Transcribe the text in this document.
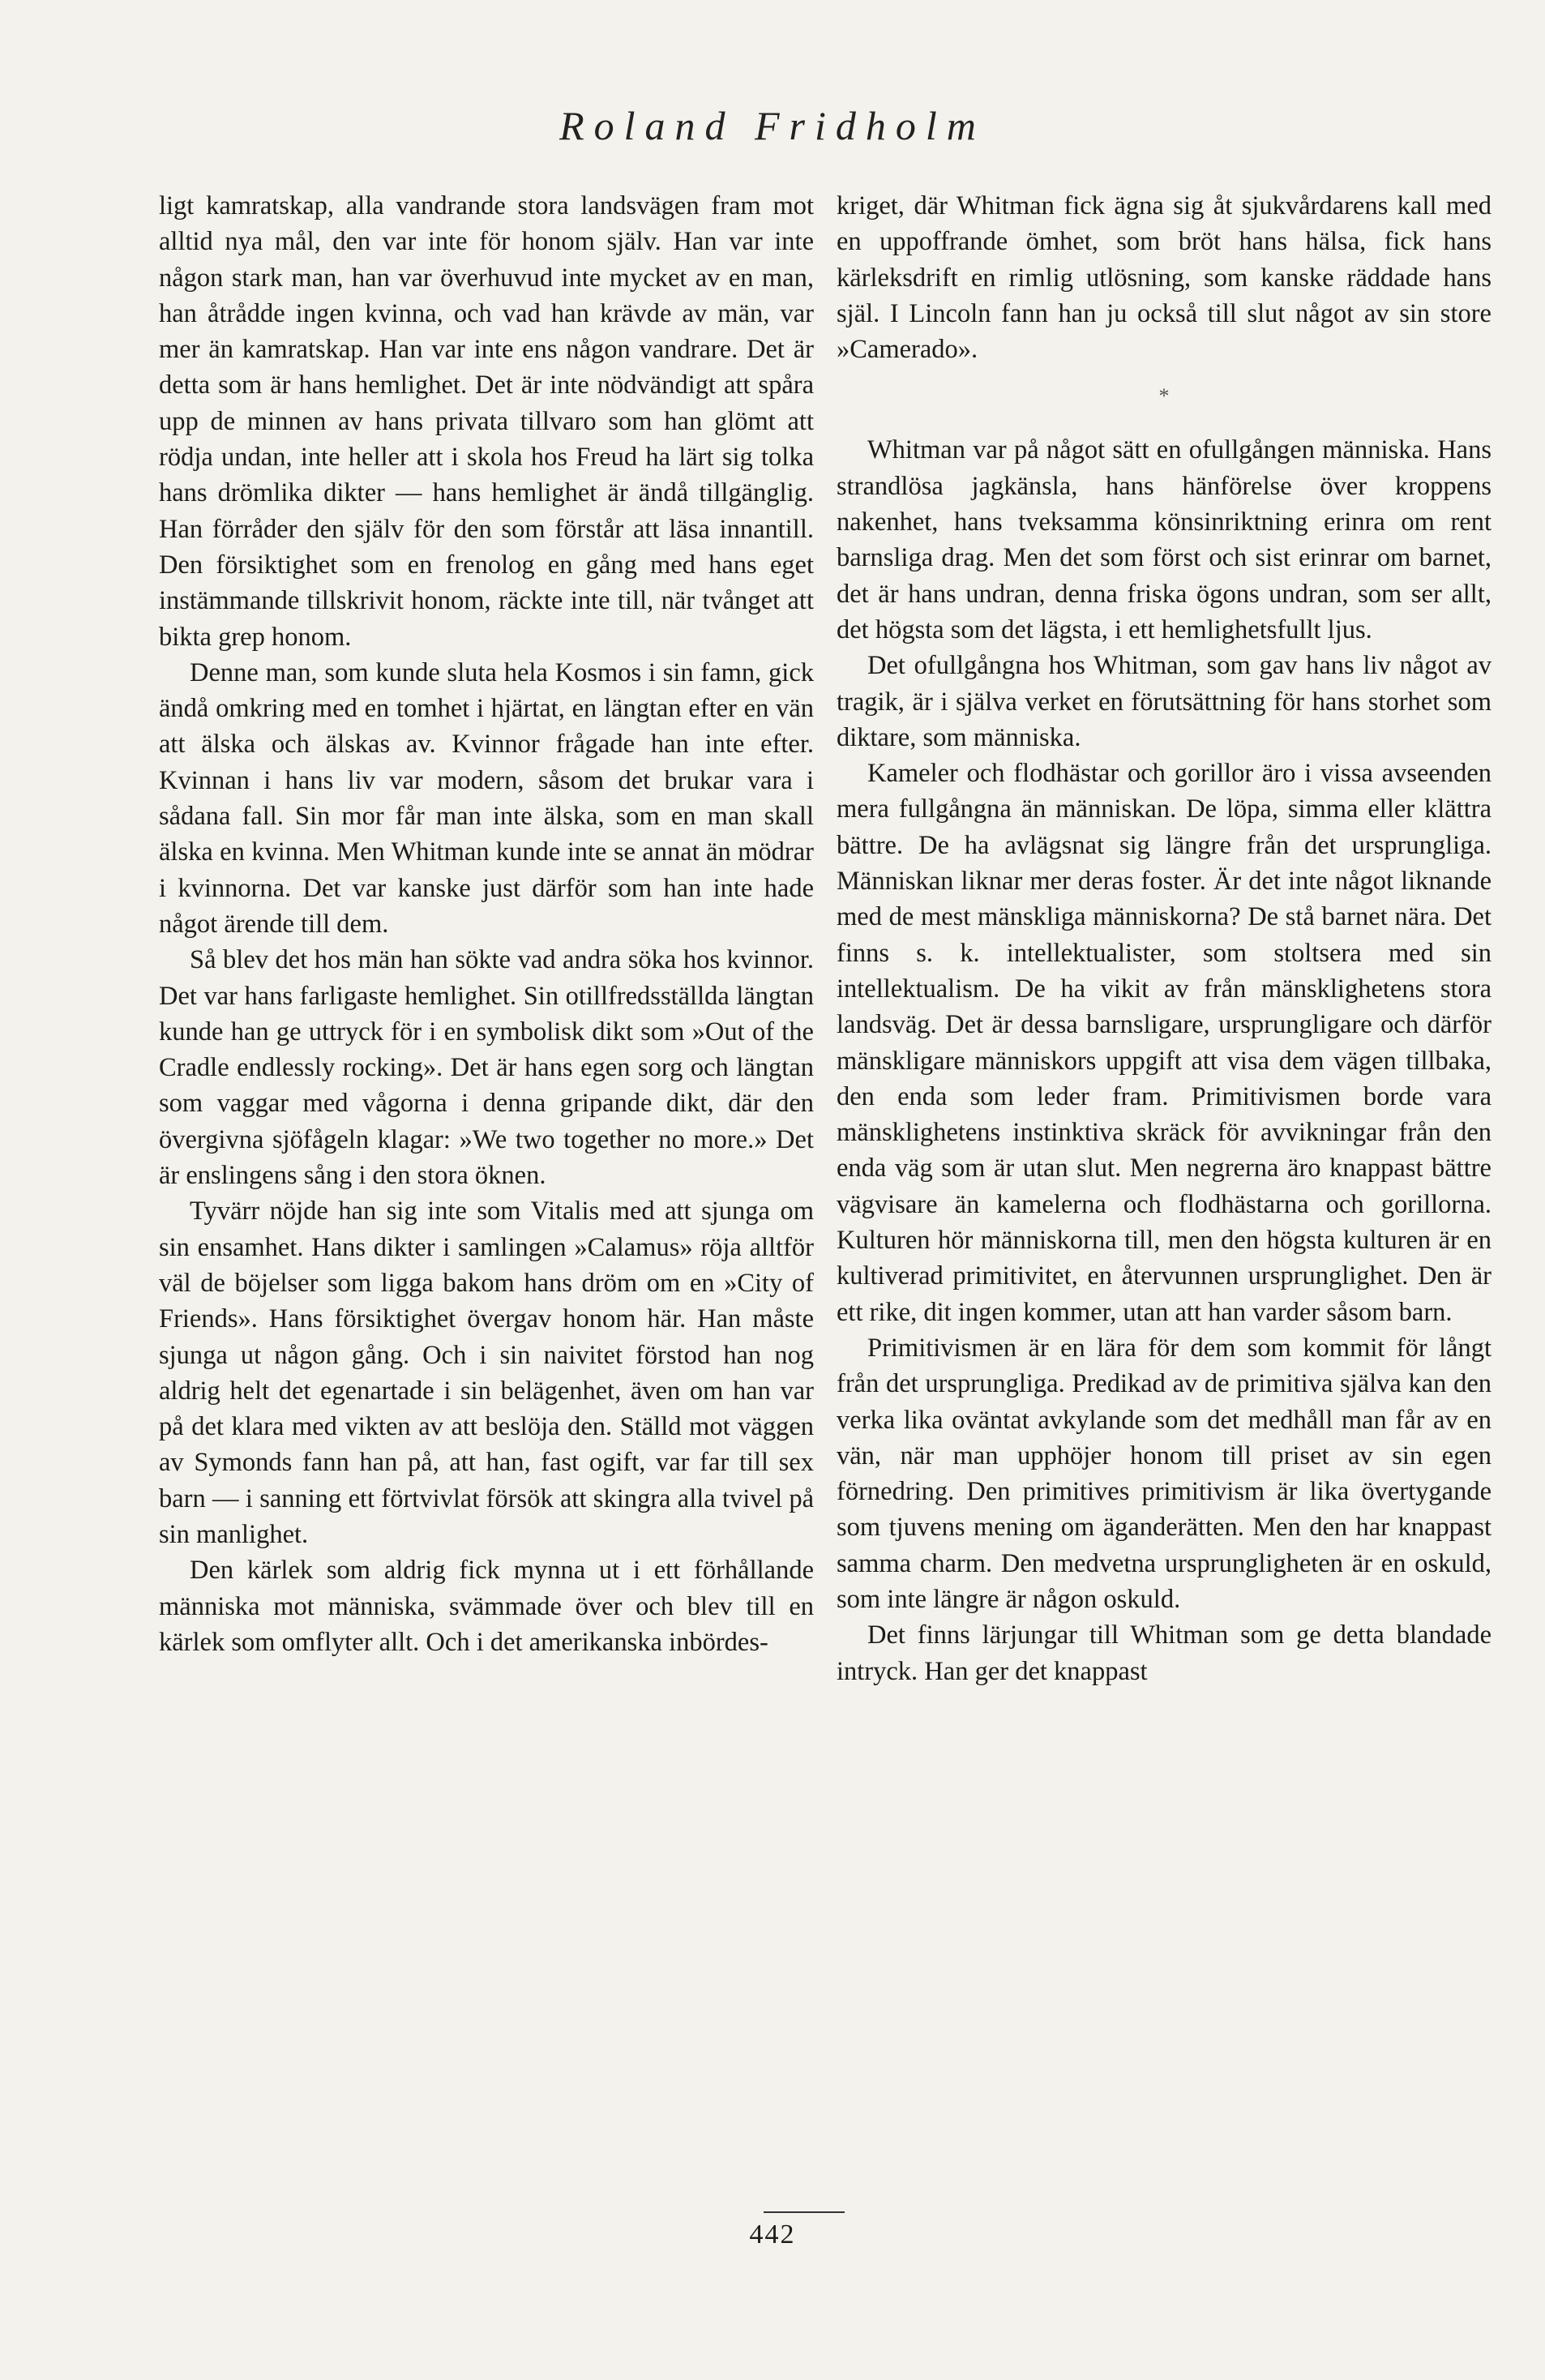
Roland Fridholm

ligt kamratskap, alla vandrande stora landsvägen fram mot alltid nya mål, den var inte för honom själv. Han var inte någon stark man, han var överhuvud inte mycket av en man, han åtrådde ingen kvinna, och vad han krävde av män, var mer än kamratskap. Han var inte ens någon vandrare. Det är detta som är hans hemlighet. Det är inte nödvändigt att spåra upp de minnen av hans privata tillvaro som han glömt att rödja undan, inte heller att i skola hos Freud ha lärt sig tolka hans drömlika dikter — hans hemlighet är ändå tillgänglig. Han förråder den själv för den som förstår att läsa innantill. Den försiktighet som en frenolog en gång med hans eget instämmande tillskrivit honom, räckte inte till, när tvånget att bikta grep honom.

Denne man, som kunde sluta hela Kosmos i sin famn, gick ändå omkring med en tomhet i hjärtat, en längtan efter en vän att älska och älskas av. Kvinnor frågade han inte efter. Kvinnan i hans liv var modern, såsom det brukar vara i sådana fall. Sin mor får man inte älska, som en man skall älska en kvinna. Men Whitman kunde inte se annat än mödrar i kvinnorna. Det var kanske just därför som han inte hade något ärende till dem.

Så blev det hos män han sökte vad andra söka hos kvinnor. Det var hans farligaste hemlighet. Sin otillfredsställda längtan kunde han ge uttryck för i en symbolisk dikt som »Out of the Cradle endlessly rocking». Det är hans egen sorg och längtan som vaggar med vågorna i denna gripande dikt, där den övergivna sjöfågeln klagar: »We two together no more.» Det är enslingens sång i den stora öknen.

Tyvärr nöjde han sig inte som Vitalis med att sjunga om sin ensamhet. Hans dikter i samlingen »Calamus» röja alltför väl de böjelser som ligga bakom hans dröm om en »City of Friends». Hans försiktighet övergav honom här. Han måste sjunga ut någon gång. Och i sin naivitet förstod han nog aldrig helt det egenartade i sin belägenhet, även om han var på det klara med vikten av att beslöja den. Ställd mot väggen av Symonds fann han på, att han, fast ogift, var far till sex barn — i sanning ett förtvivlat försök att skingra alla tvivel på sin manlighet.

Den kärlek som aldrig fick mynna ut i ett förhållande människa mot människa, svämmade över och blev till en kärlek som omflyter allt. Och i det amerikanska inbördes-

kriget, där Whitman fick ägna sig åt sjukvårdarens kall med en uppoffrande ömhet, som bröt hans hälsa, fick hans kärleksdrift en rimlig utlösning, som kanske räddade hans själ. I Lincoln fann han ju också till slut något av sin store »Camerado».

*

Whitman var på något sätt en ofullgången människa. Hans strandlösa jagkänsla, hans hänförelse över kroppens nakenhet, hans tveksamma könsinriktning erinra om rent barnsliga drag. Men det som först och sist erinrar om barnet, det är hans undran, denna friska ögons undran, som ser allt, det högsta som det lägsta, i ett hemlighetsfullt ljus.

Det ofullgångna hos Whitman, som gav hans liv något av tragik, är i själva verket en förutsättning för hans storhet som diktare, som människa.

Kameler och flodhästar och gorillor äro i vissa avseenden mera fullgångna än människan. De löpa, simma eller klättra bättre. De ha avlägsnat sig längre från det ursprungliga. Människan liknar mer deras foster. Är det inte något liknande med de mest mänskliga människorna? De stå barnet nära. Det finns s. k. intellektualister, som stoltsera med sin intellektualism. De ha vikit av från mänsklighetens stora landsväg. Det är dessa barnsligare, ursprungligare och därför mänskligare människors uppgift att visa dem vägen tillbaka, den enda som leder fram. Primitivismen borde vara mänsklighetens instinktiva skräck för avvikningar från den enda väg som är utan slut. Men negrerna äro knappast bättre vägvisare än kamelerna och flodhästarna och gorillorna. Kulturen hör människorna till, men den högsta kulturen är en kultiverad primitivitet, en återvunnen ursprunglighet. Den är ett rike, dit ingen kommer, utan att han varder såsom barn.

Primitivismen är en lära för dem som kommit för långt från det ursprungliga. Predikad av de primitiva själva kan den verka lika oväntat avkylande som det medhåll man får av en vän, när man upphöjer honom till priset av sin egen förnedring. Den primitives primitivism är lika övertygande som tjuvens mening om äganderätten. Men den har knappast samma charm. Den medvetna ursprungligheten är en oskuld, som inte längre är någon oskuld.

Det finns lärjungar till Whitman som ge detta blandade intryck. Han ger det knappast

442
